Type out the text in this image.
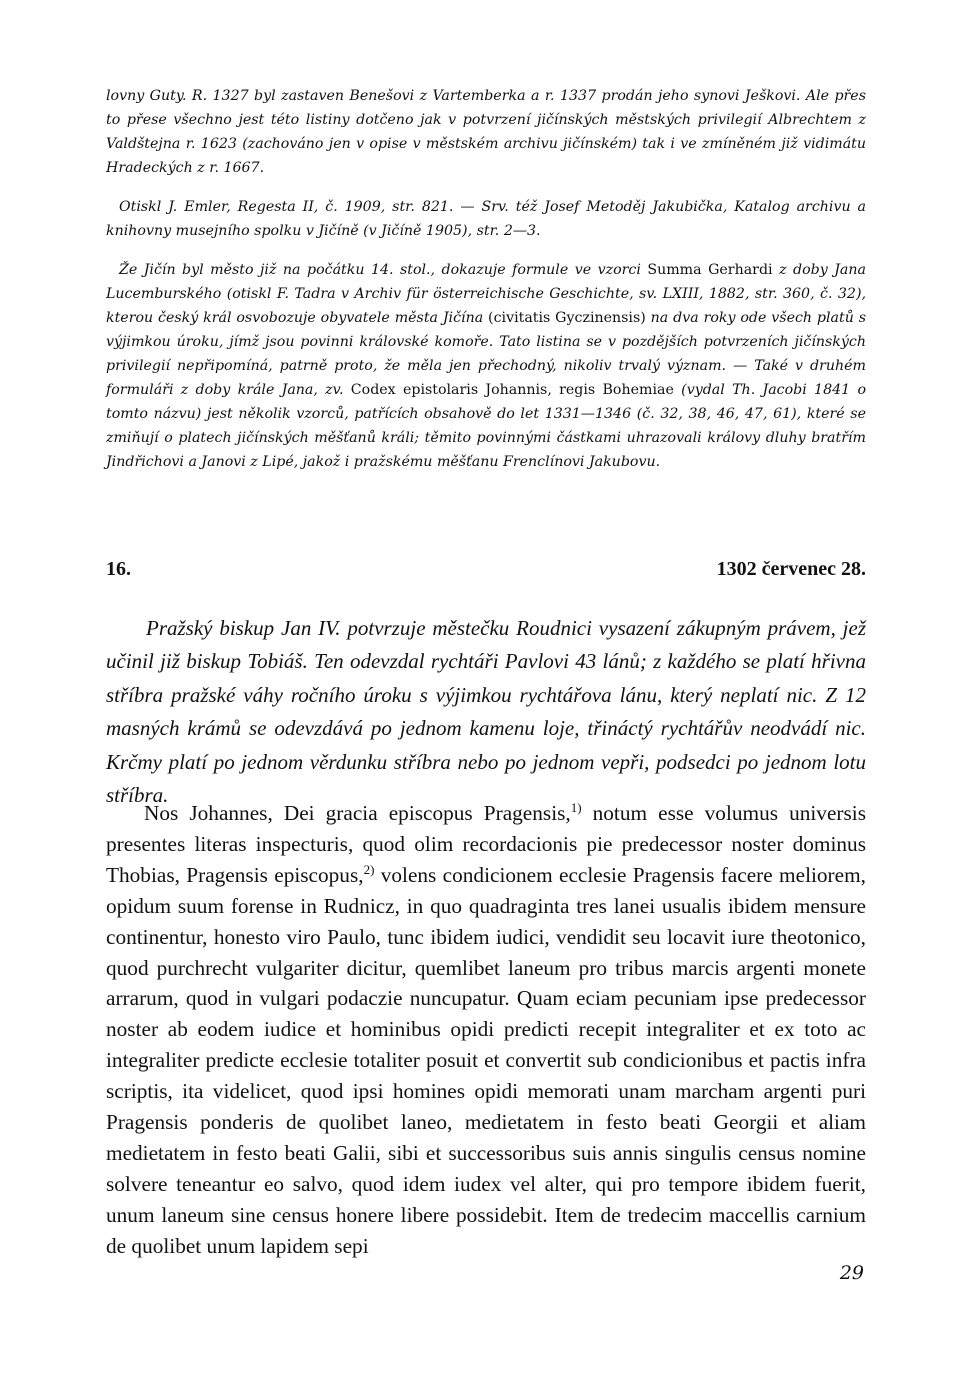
lovny Guty. R. 1327 byl zastaven Benešovi z Vartemberka a r. 1337 prodán jeho synovi Ješkovi. Ale přes to přese všechno jest této listiny dotčeno jak v potvrzení jičínských městských privilegií Albrechtem z Valdštejna r. 1623 (zachováno jen v opise v městském archivu jičínském) tak i ve zmíněném již vidimátu Hradeckých z r. 1667.

Otiskl J. Emler, Regesta II, č. 1909, str. 821. — Srv. též Josef Metoděj Jakubička, Katalog archivu a knihovny musejního spolku v Jičíně (v Jičíně 1905), str. 2—3.

Že Jičín byl město již na počátku 14. stol., dokazuje formule ve vzorci Summa Gerhardi z doby Jana Lucemburského (otiskl F. Tadra v Archiv für österreichische Geschichte, sv. LXIII, 1882, str. 360, č. 32), kterou český král osvobozuje obyvatele města Jičína (civitatis Gyczinensis) na dva roky ode všech platů s výjimkou úroku, jímž jsou povinni královské komoře. Tato listina se v pozdějších potvrzeních jičínských privilegií nepřipomíná, patrně proto, že měla jen přechodný, nikoliv trvalý význam. — Také v druhém formuláři z doby krále Jana, zv. Codex epistolaris Johannis, regis Bohemiae (vydal Th. Jacobi 1841 o tomto názvu) jest několik vzorců, patřících obsahově do let 1331—1346 (č. 32, 38, 46, 47, 61), které se zmiňují o platech jičínských měšťanů králi; těmito povinnými částkami uhrazovali královy dluhy bratřím Jindřichovi a Janovi z Lipé, jakož i pražskému měšťanu Frenclínovi Jakubovu.

16.	1302 červenec 28.

Pražský biskup Jan IV. potvrzuje městečku Roudnici vysazení zákupným právem, jež učinil již biskup Tobiáš. Ten odevzdal rychtáři Pavlovi 43 lánů; z každého se platí hřivna stříbra pražské váhy ročního úroku s výjimkou rychtářova lánu, který neplatí nic. Z 12 masných krámů se odevzdává po jednom kamenu loje, třináctý rychtářův neodvádí nic. Krčmy platí po jednom věrdunku stříbra nebo po jednom vepři, podsedci po jednom lotu stříbra.

Nos Johannes, Dei gracia episcopus Pragensis,$^{1)}$ notum esse volumus universis presentes literas inspecturis, quod olim recordacionis pie predecessor noster dominus Thobias, Pragensis episcopus,$^{2)}$ volens condicionem ecclesie Pragensis facere meliorem, opidum suum forense in Rudnicz, in quo quadraginta tres lanei usualis ibidem mensure continentur, honesto viro Paulo, tunc ibidem iudici, vendidit seu locavit iure theotonico, quod purchrecht vulgariter dicitur, quemlibet laneum pro tribus marcis argenti monete arrarum, quod in vulgari podaczie nuncupatur. Quam eciam pecuniam ipse predecessor noster ab eodem iudice et hominibus opidi predicti recepit integraliter et ex toto ac integraliter predicte ecclesie totaliter posuit et convertit sub condicionibus et pactis infra scriptis, ita videlicet, quod ipsi homines opidi memorati unam marcham argenti puri Pragensis ponderis de quolibet laneo, medietatem in festo beati Georgii et aliam medietatem in festo beati Galii, sibi et successoribus suis annis singulis census nomine solvere teneantur eo salvo, quod idem iudex vel alter, qui pro tempore ibidem fuerit, unum laneum sine census honere libere possidebit. Item de tredecim maccellis carnium de quolibet unum lapidem sepi

29
